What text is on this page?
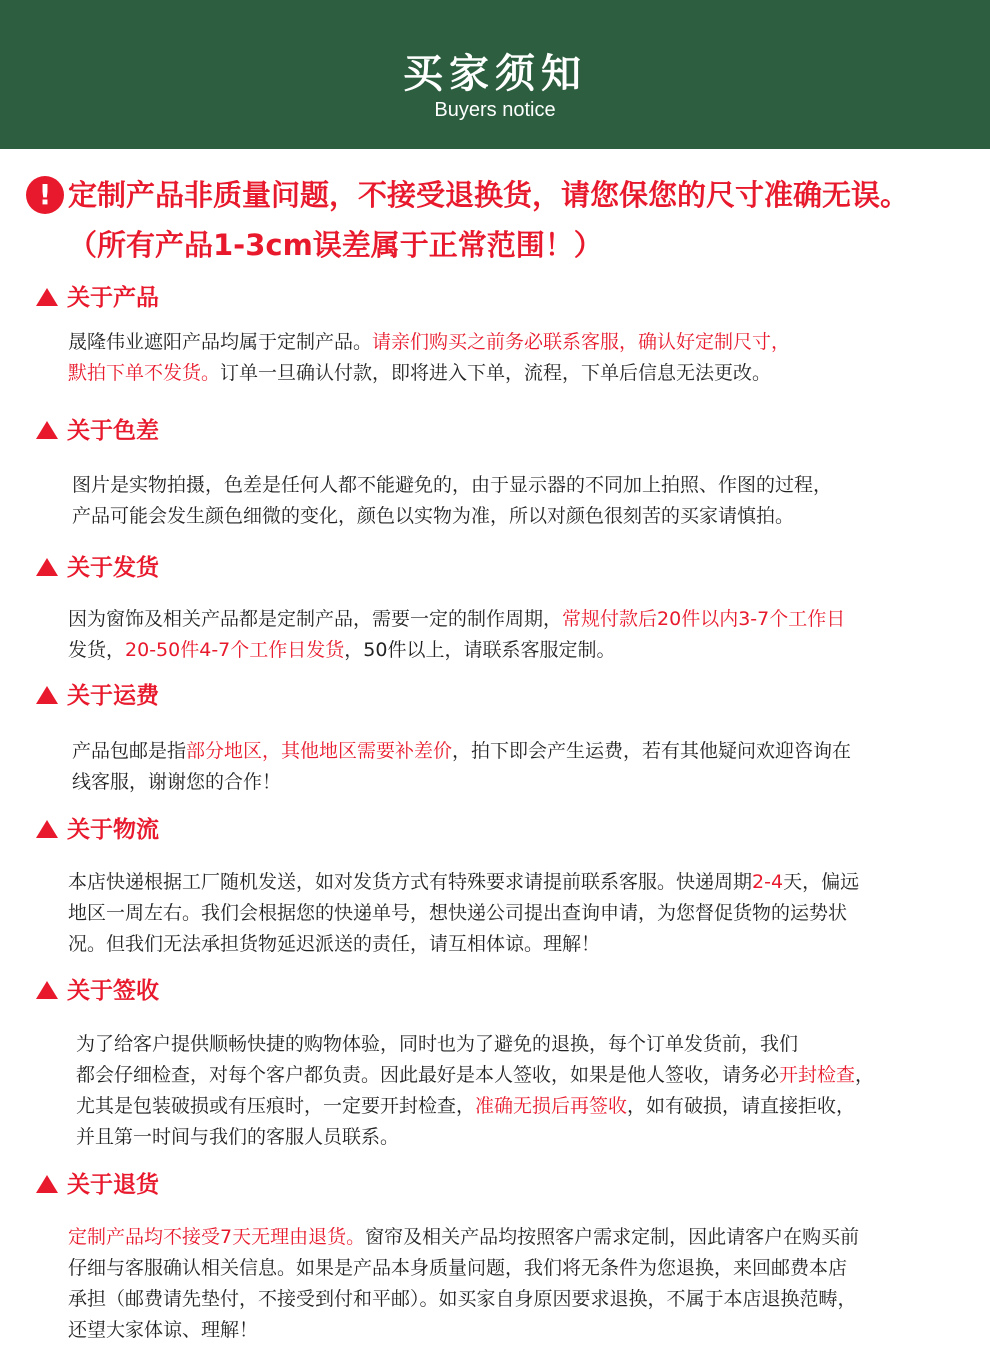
买家须知
Buyers notice
! 定制产品非质量问题，不接受退换货，请您保您的尺寸准确无误。
（所有产品1-3cm误差属于正常范围！）
关于产品
晟隆伟业遮阳产品均属于定制产品。请亲们购买之前务必联系客服，确认好定制尺寸，
默拍下单不发货。订单一旦确认付款，即将进入下单，流程，下单后信息无法更改。
关于色差
图片是实物拍摄，色差是任何人都不能避免的，由于显示器的不同加上拍照、作图的过程，
产品可能会发生颜色细微的变化，颜色以实物为准，所以对颜色很刻苦的买家请慎拍。
关于发货
因为窗饰及相关产品都是定制产品，需要一定的制作周期，常规付款后20件以内3-7个工作日
发货，20-50件4-7个工作日发货，50件以上，请联系客服定制。
关于运费
产品包邮是指部分地区，其他地区需要补差价，拍下即会产生运费，若有其他疑问欢迎咨询在
线客服，谢谢您的合作！
关于物流
本店快递根据工厂随机发送，如对发货方式有特殊要求请提前联系客服。快递周期2-4天，偏远
地区一周左右。我们会根据您的快递单号，想快递公司提出查询申请，为您督促货物的运势状
况。但我们无法承担货物延迟派送的责任，请互相体谅。理解！
关于签收
为了给客户提供顺畅快捷的购物体验，同时也为了避免的退换，每个订单发货前，我们
都会仔细检查，对每个客户都负责。因此最好是本人签收，如果是他人签收，请务必开封检查，
尤其是包装破损或有压痕时，一定要开封检查，准确无损后再签收，如有破损，请直接拒收，
并且第一时间与我们的客服人员联系。
关于退货
定制产品均不接受7天无理由退货。窗帘及相关产品均按照客户需求定制，因此请客户在购买前
仔细与客服确认相关信息。如果是产品本身质量问题，我们将无条件为您退换，来回邮费本店
承担（邮费请先垫付，不接受到付和平邮）。如买家自身原因要求退换，不属于本店退换范畴，
还望大家体谅、理解！
